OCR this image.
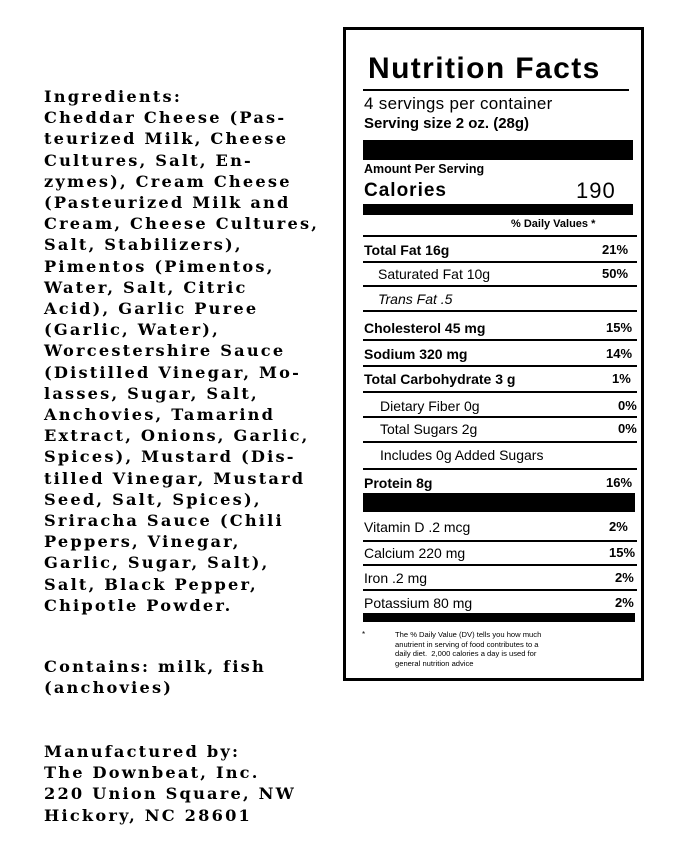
Ingredients:
Cheddar Cheese (Pas-
teurized Milk, Cheese
Cultures, Salt, En-
zymes), Cream Cheese
(Pasteurized Milk and
Cream, Cheese Cultures,
Salt, Stabilizers),
Pimentos (Pimentos,
Water, Salt, Citric
Acid), Garlic Puree
(Garlic, Water),
Worcestershire Sauce
(Distilled Vinegar, Mo-
lasses, Sugar, Salt,
Anchovies, Tamarind
Extract, Onions, Garlic,
Spices), Mustard (Dis-
tilled Vinegar, Mustard
Seed, Salt, Spices),
Sriracha Sauce (Chili
Peppers, Vinegar,
Garlic, Sugar, Salt),
Salt, Black Pepper,
Chipotle Powder.
Contains: milk, fish
(anchovies)
Manufactured by:
The Downbeat, Inc.
220 Union Square, NW
Hickory, NC 28601
Nutrition Facts
4 servings per container
Serving size 2 oz. (28g)
Amount Per Serving
Calories	190
% Daily Values *
Total Fat 16g	21%
Saturated Fat 10g	50%
Trans Fat .5
Cholesterol 45 mg	15%
Sodium 320 mg	14%
Total Carbohydrate 3 g	1%
Dietary Fiber 0g	0%
Total Sugars 2g	0%
Includes 0g Added Sugars
Protein 8g	16%
Vitamin D .2 mcg	2%
Calcium 220 mg	15%
Iron .2 mg	2%
Potassium 80 mg	2%
*	The % Daily Value (DV) tells you how much
anutrient in serving of food contributes to a
daily diet.  2,000 calories a day is used for
general nutrition advice
